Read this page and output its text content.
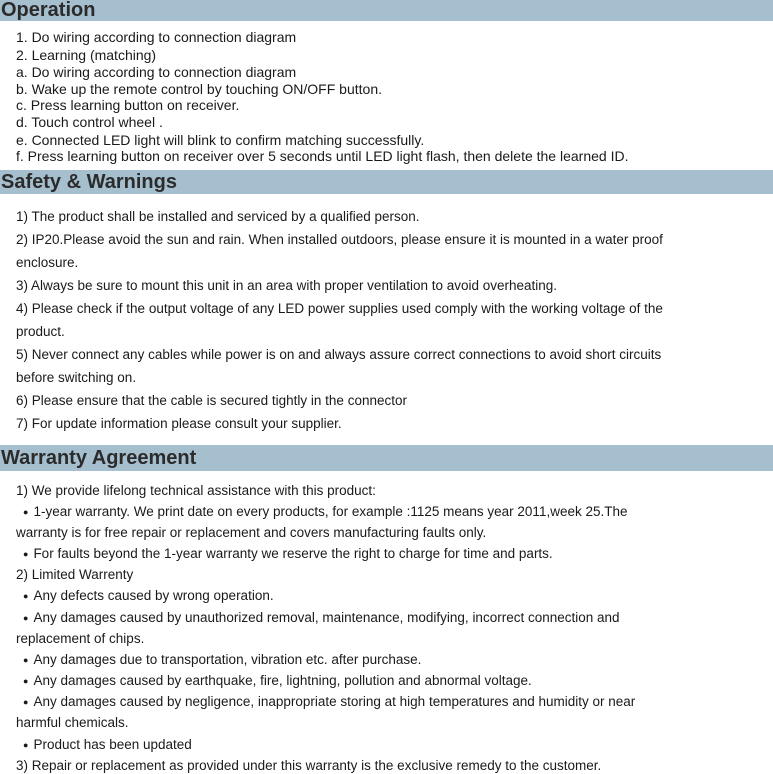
Operation
1. Do wiring according to connection diagram
2. Learning (matching)
a. Do wiring according to connection diagram
b. Wake up the remote control by touching ON/OFF button.
c. Press learning button on receiver.
d. Touch control wheel .
e. Connected LED light will blink to confirm matching successfully.
f. Press learning button on receiver over 5 seconds until LED light flash, then delete the learned ID.
Safety & Warnings
1) The product shall be installed and serviced by a qualified person.
2) IP20.Please avoid the sun and rain. When installed outdoors, please ensure it is mounted in a water proof
enclosure.
3) Always be sure to mount this unit in an area with proper ventilation to avoid overheating.
4) Please check if the output voltage of any LED power supplies used comply with the working voltage of the
product.
5) Never connect any cables while power is on and always assure correct connections to avoid short circuits
before switching on.
6) Please ensure that the cable is secured tightly in the connector
7) For update information please consult your supplier.
Warranty Agreement
1) We provide lifelong technical assistance with this product:
● 1-year warranty. We print date on every products, for example :1125 means year 2011,week 25.The
warranty is for free repair or replacement and covers manufacturing faults only.
● For faults beyond the 1-year warranty we reserve the right to charge for time and parts.
2) Limited Warrenty
● Any defects caused by wrong operation.
● Any damages caused by unauthorized removal, maintenance, modifying, incorrect connection and
replacement of chips.
● Any damages due to transportation, vibration etc. after purchase.
● Any damages caused by earthquake, fire, lightning, pollution and abnormal voltage.
● Any damages caused by negligence, inappropriate storing at high temperatures and humidity or near
harmful chemicals.
● Product has been updated
3) Repair or replacement as provided under this warranty is the exclusive remedy to the customer.
